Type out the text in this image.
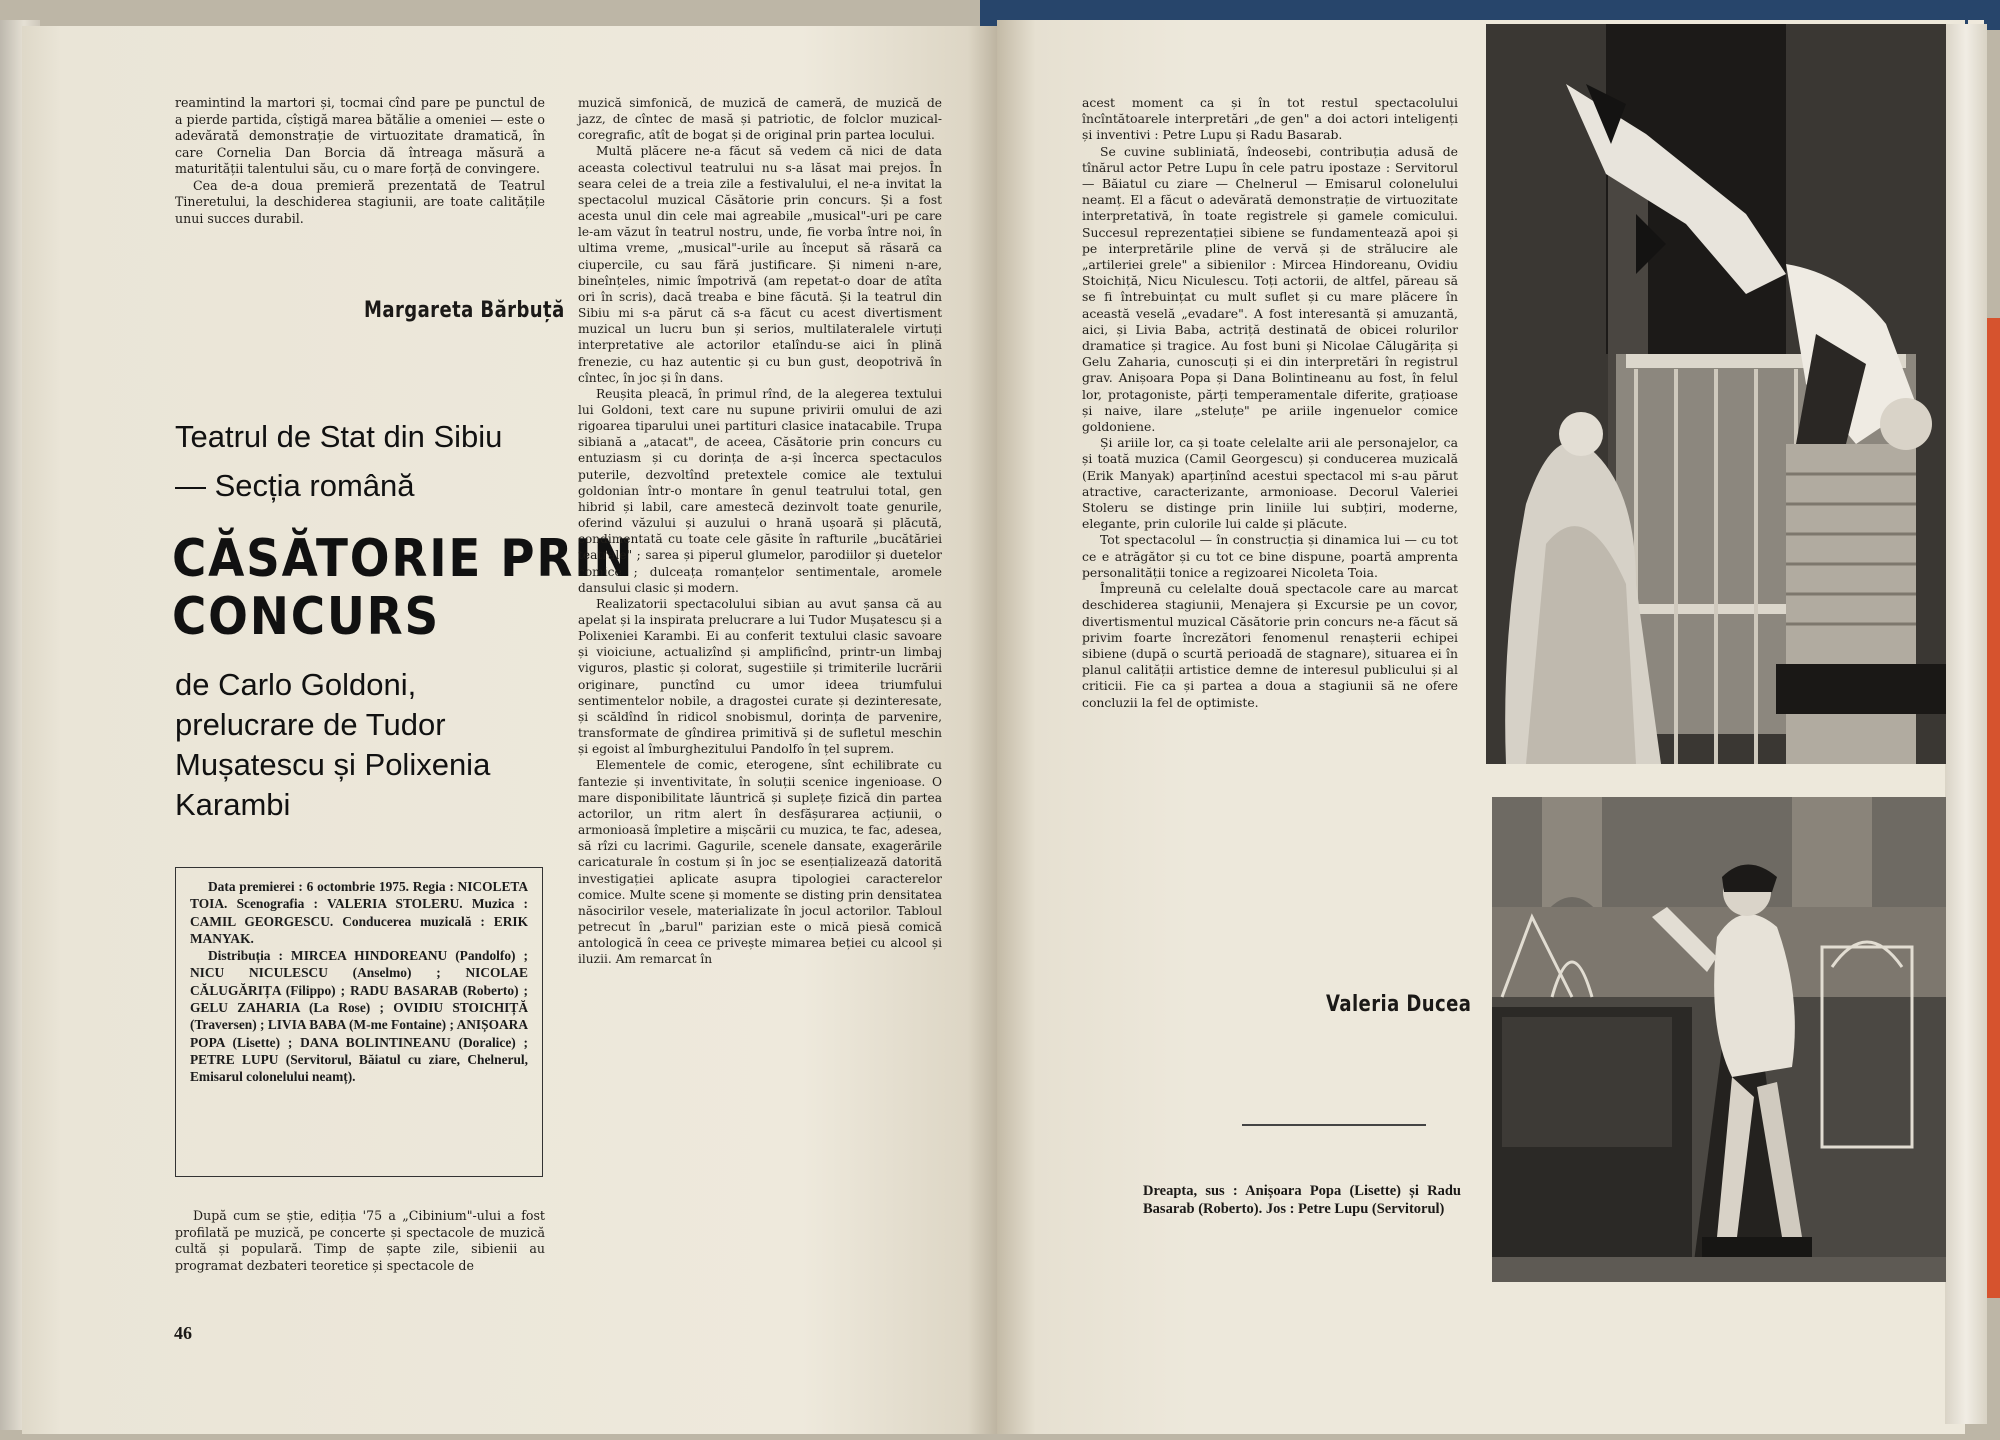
reamintind la martori și, tocmai cînd pare pe punctul de a pierde partida, cîștigă marea bătălie a omeniei — este o adevărată demonstrație de virtuozitate dramatică, în care Cornelia Dan Borcia dă întreaga măsură a maturității talentului său, cu o mare forță de convingere.

Cea de-a doua premieră prezentată de Teatrul Tineretului, la deschiderea stagiunii, are toate calitățile unui succes durabil.

Margareta Bărbuță
Teatrul de Stat din Sibiu
— Secția română
CĂSĂTORIE PRIN
CONCURS
de Carlo Goldoni,
prelucrare de Tudor
Mușatescu și Polixenia
Karambi
Data premierei : 6 octombrie 1975. Regia : NICOLETA TOIA. Scenografia : VALERIA STOLERU. Muzica : CAMIL GEORGESCU. Conducerea muzicală : ERIK MANYAK.
Distribuția : MIRCEA HINDOREANU (Pandolfo) ; NICU NICULESCU (Anselmo) ; NICOLAE CĂLUGĂRIȚA (Filippo) ; RADU BASARAB (Roberto) ; GELU ZAHARIA (La Rose) ; OVIDIU STOICHIȚĂ (Traversen) ; LIVIA BABA (M-me Fontaine) ; ANIȘOARA POPA (Lisette) ; DANA BOLINTINEANU (Doralice) ; PETRE LUPU (Servitorul, Băiatul cu ziare, Chelnerul, Emisarul colonelului neamț).

După cum se știe, ediția '75 a „Cibinium"-ului a fost profilată pe muzică, pe concerte și spectacole de muzică cultă și populară. Timp de șapte zile, sibienii au programat dezbateri teoretice și spectacole de

46

muzică simfonică, de muzică de cameră, de muzică de jazz, de cîntec de masă și patriotic, de folclor muzical-coregrafic, atît de bogat și de original prin partea locului.

Multă plăcere ne-a făcut să vedem că nici de data aceasta colectivul teatrului nu s-a lăsat mai prejos. În seara celei de a treia zile a festivalului, el ne-a invitat la spectacolul muzical Căsătorie prin concurs. Și a fost acesta unul din cele mai agreabile „musical"-uri pe care le-am văzut în teatrul nostru, unde, fie vorba între noi, în ultima vreme, „musical"-urile au început să răsară ca ciupercile, cu sau fără justificare. Și nimeni n-are, bineînțeles, nimic împotrivă (am repetat-o doar de atîta ori în scris), dacă treaba e bine făcută. Și la teatrul din Sibiu mi s-a părut că s-a făcut cu acest divertisment muzical un lucru bun și serios, multilateralele virtuți interpretative ale actorilor etalîndu-se aici în plină frenezie, cu haz autentic și cu bun gust, deopotrivă în cîntec, în joc și în dans.

Reușita pleacă, în primul rînd, de la alegerea textului lui Goldoni, text care nu supune privirii omului de azi rigoarea tiparului unei partituri clasice inatacabile. Trupa sibiană a „atacat", de aceea, Căsătorie prin concurs cu entuziasm și cu dorința de a-și încerca spectaculos puterile, dezvoltînd pretextele comice ale textului goldonian într-o montare în genul teatrului total, gen hibrid și labil, care amestecă dezinvolt toate genurile, oferind văzului și auzului o hrană ușoară și plăcută, condimentată cu toate cele găsite în rafturile „bucătăriei teatrale" ; sarea și piperul glumelor, parodiilor și duetelor comice ; dulceața romanțelor sentimentale, aromele dansului clasic și modern.

Realizatorii spectacolului sibian au avut șansa că au apelat și la inspirata prelucrare a lui Tudor Mușatescu și a Polixeniei Karambi. Ei au conferit textului clasic savoare și vioiciune, actualizînd și amplificînd, printr-un limbaj viguros, plastic și colorat, sugestiile și trimiterile lucrării originare, punctînd cu umor ideea triumfului sentimentelor nobile, a dragostei curate și dezinteresate, și scăldînd în ridicol snobismul, dorința de parvenire, transformate de gîndirea primitivă și de sufletul meschin și egoist al îmburghezitului Pandolfo în țel suprem.

Elementele de comic, eterogene, sînt echilibrate cu fantezie și inventivitate, în soluții scenice ingenioase. O mare disponibilitate lăuntrică și suplețe fizică din partea actorilor, un ritm alert în desfășurarea acțiunii, o armonioasă împletire a mișcării cu muzica, te fac, adesea, să rîzi cu lacrimi. Gagurile, scenele dansate, exagerările caricaturale în costum și în joc se esențializează datorită investigației aplicate asupra tipologiei caracterelor comice. Multe scene și momente se disting prin densitatea năsocirilor vesele, materializate în jocul actorilor. Tabloul petrecut în „barul" parizian este o mică piesă comică antologică în ceea ce privește mimarea beției cu alcool și iluzii. Am remarcat în

acest moment ca și în tot restul spectacolului încîntătoarele interpretări „de gen" a doi actori inteligenți și inventivi : Petre Lupu și Radu Basarab.

Se cuvine subliniată, îndeosebi, contribuția adusă de tînărul actor Petre Lupu în cele patru ipostaze : Servitorul — Băiatul cu ziare — Chelnerul — Emisarul colonelului neamț. El a făcut o adevărată demonstrație de virtuozitate interpretativă, în toate registrele și gamele comicului. Succesul reprezentației sibiene se fundamentează apoi și pe interpretările pline de vervă și de strălucire ale „artileriei grele" a sibienilor : Mircea Hindoreanu, Ovidiu Stoichiță, Nicu Niculescu. Toți actorii, de altfel, păreau să se fi întrebuințat cu mult suflet și cu mare plăcere în această veselă „evadare". A fost interesantă și amuzantă, aici, și Livia Baba, actriță destinată de obicei rolurilor dramatice și tragice. Au fost buni și Nicolae Călugărița și Gelu Zaharia, cunoscuți și ei din interpretări în registrul grav. Anișoara Popa și Dana Bolintineanu au fost, în felul lor, protagoniste, părți temperamentale diferite, grațioase și naive, ilare „steluțe" pe ariile ingenuelor comice goldoniene.

Și ariile lor, ca și toate celelalte arii ale personajelor, ca și toată muzica (Camil Georgescu) și conducerea muzicală (Erik Manyak) aparținînd acestui spectacol mi s-au părut atractive, caracterizante, armonioase. Decorul Valeriei Stoleru se distinge prin liniile lui subțiri, moderne, elegante, prin culorile lui calde și plăcute.

Tot spectacolul — în construcția și dinamica lui — cu tot ce e atrăgător și cu tot ce bine dispune, poartă amprenta personalității tonice a regizoarei Nicoleta Toia.

Împreună cu celelalte două spectacole care au marcat deschiderea stagiunii, Menajera și Excursie pe un covor, divertismentul muzical Căsătorie prin concurs ne-a făcut să privim foarte încrezători fenomenul renașterii echipei sibiene (după o scurtă perioadă de stagnare), situarea ei în planul calității artistice demne de interesul publicului și al criticii. Fie ca și partea a doua a stagiunii să ne ofere concluzii la fel de optimiste.

Valeria Ducea
Dreapta, sus : Anișoara Popa (Lisette) și Radu Basarab (Roberto). Jos : Petre Lupu (Servitorul)
